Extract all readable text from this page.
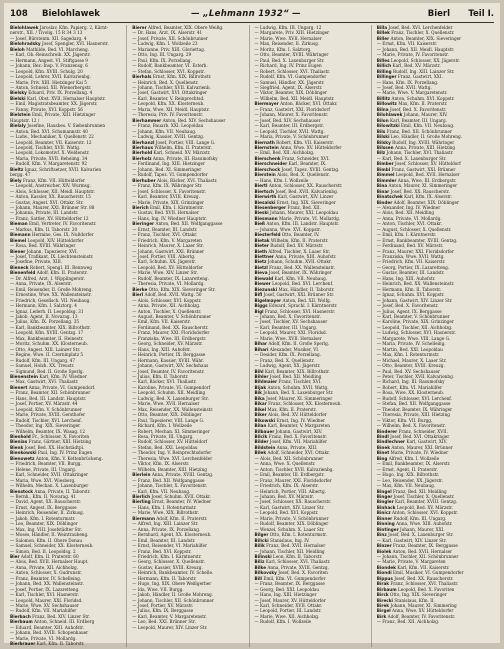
108	Bielohlawek	— „Lehmann 1932“ —	Bierl	Teil I.
Bielohlawek Jaroslav, Kfm. Papierg. 2, Kärnt-
nerstr., XII. / Tivolig. 15 R 34 3 13
— Josef, Bürstenm. XII. Sagedarg. 4
Bielohradsky Josef, Spengler, XVI. Hasnerstr.
Bieloh Mathilde, Bed. VI. Marcheng.
— Karl, Ob.-Reinschreib. XX. Jägerstr.
— Hermann, Angest. VI. Stiftgasse 9
— Johann, Bez.-Insp. V. Franzensg. 6
— Leopold, Kfm. XVIII. Schulg. 20
— Leopold, Lehrer, XVII. Kalvarienbg.
— Marie, Priv. XIII. Hietzinger Kai 5
— Anton, Schneid. XII. Wienerbergstr.
Bielsky Eduard, Priv. IX. Porzellang. 4
Bielski Karl, Obst. XVII. Hernalser Hauptstr.
— Emil, Magistratsbeamter, XX. Jägerstr.
— Fanny, Private, XVI. Koppstr. 56
Bielstein Emil, Private, XIII. Hietzinger
Hauptstr. 12 /
Bielaly Josefine, Hausbes. V. Siebenbrunnen
— Anton, Bed. XVI. Schumannstr. 40
— Ludw., Mechaniker, X. Quellenstr. 22
— Leopold, Beamter, VII. Kaiserstr. 12
— Leopold, Tischler, XVII. Wattg.
— Leopold, Lokomotivf. X. Weldenstr.
— Maria, Private, XVII. Beheimg. 34
— Rudolf, Kfm. V. Margaretenstr. 92
Bieltz Ignaz, Schriftsetzer, XVII. Kalvarien
bergg. 47
Biely Franz, Kfm. VII. Hütteldorfer
— Leopold, Anstreicher, XIV. Wurmsg.
— Alois, Schlosser, XII. Meidl. Hauptstr.
— Anton, Kassier, XX. Rauscherstr. 15
— Gustav, Angest. XVI. Ottakr. Str.
— Johann, Maurer, XXI. Brünner Str. 88
— Johanna, Private, III. Landstr.
— Franz, Sattler, XV. Hütteldorfer 12
Bieman Emil, Vertreter, IV. Favoritenstr.
— Markus, Kfm. II. Taborstr. 20
Biemann Hermine, Ges. IX. Nußdorfer
Biemel Leopold, XIV. Hütteldorfer
— Rosa, Bed. XVIII. Währinger
Biener Johann, Tapezierer, XVI.
— Josef, Trafikant, IX. Liechtensteinstr.
— Josefine, Private, XIII.
Bieneck Robert, Spengl. III. Rennweg
Bienenfeld Adolf, Kfm. II. Praterstr.
— Dr. Alfred, Arzt, I. Wipplingerstr.
— Anna, Private, IX. Alserstr.
— Emil, Reisender, II. Große Mohreng.
— Ernestine, Wwe. XX. Wallensteinstr.
— Friedrich, Gesellsch. VII. Neubaug.
— Hermann, Kfm. I. Salztorg. 4
— Ignaz, Lederh. II. Leopoldsg. 31
— Jakob, Agent, II. Novarag. 13
— Julius, Kfm. IX. Porzellang. 35
— Karl, Bankbeamter, XIX. Billrothstr.
— Leopold, Kfm. XVIII. Gentzg. 17
— Max, Bankbeamter, II. Heinestr.
— Moritz, Schuhm. XX. Klosterneub.
— Otto, Angest. XIII. Lainzer Str.
— Regine, Wwe. II. Czerninplatz 5
— Rudolf, Kfm. III. Ungarg. 47
— Samuel, Holzh. XX. Treustr.
— Sigmund, Bed. II. Große Sperlg.
Bienenstein Karl, Kfm. IV. Wiedner
— Max, Gastwirt, XVI. Thaliastr.
Bienert Anna, Private, VI. Gumpendorf.
— Franz, Beamter, XII. Schönbrunner
— Hans, Bed. III. Landstr. Hauptstr.
— Josef, Portier, XV. Märzstr. 44
— Leopold, Kfm. V. Schönbrunner
— Marie, Private, XVIII. Gersthofer
— Rudolf, Tischler, XVI. Lerchenf.
— Theodor, Ing. XIX. Sieveringer
— Wilhelm, Beamter, IX. Wasag. 12
Bienhold Fr., Schlosser, X. Favoriten
Bienias Franz, Gärtner, XIII. Hietzing
Bienk Josef, Bed. XX. Hochstädtpl.
Bienkowski Paul, Ing. IV. Prinz Eugen
Bienowetz Anton, Kfm. V. Kettenbrückeng.
— Friedrich, Beamter, VII. Burgg.
— Helene, Private, III. Ungarg.
— Karl, Schneider, XVII. Ottakringer
— Maria, Wwe. XVI. Wiesberg.
— Wilhelm, Mechan. X. Laxenburger
Bienstock Anna, Private, II. Taborstr.
— Bernh., Kfm. II. Novarag. 41
— David, Agent, XX. Rauscherstr.
— Ernst, Angest. IX. Berggasse
— Heinrich, Reisender, II. Zirkusg.
— Jakob, Kfm. I. Rotenturmstr.
— Leo, Beamter, XIX. Döblinger
— Max, Ing. VIII. Josefstädter Str.
— Moses, Händler, II. Weintraubeng.
— Salomon, Kfm. II. Obere Donau
— Samuel, Schneider, XX. Klosterneub.
— Simon, Bed. II. Leopoldsg. 2
Bier Adolf, Kfm. II. Praterstr. 60
— Alois, Bed. XVII. Hernalser Haupt.
— Anna, Private, XII. Aichholzg.
— Anton, Schlosser, X. Gudrunstr.
— Franz, Beamter, IV. Schelleing.
— Johann, Bed. XX. Wallensteinstr.
— Josef, Portier, IX. Lazaretteng.
— Karl, Tischler, XVI. Hasnerstr.
— Leopold, Maurer, XXI. Floridsd.
— Marie, Wwe. XV. Sechshauser
— Rudolf, Kfm. VII. Mariahilfer
Bierbach Franz, Bed. XIV. Linzer Str.
Bierbaum Anton, Schneid. III. Erdberg
— Eduard, Beamter, XIII. Auhofstr.
— Johann, Bed. XVIII. Schopenhauer
— Marie, Private, VI. Mollardg.
Bierbrauer Karl, Kfm. II. Taborstr.
Bierer Alfred, Beamter, XIX. Obere Weißg.
— Dr. Hans, Arzt, IX. Alserstr. 41
— Josef, Private, XII. Schönbrunner
— Ludwig, Kfm. I. Wollzeile 23
— Marianne, Priv. XIII. Gloriettag.
— Otto, Ing. III. Ungarg. 29
— Paul, Kfm. IX. Porzellang.
— Rudolf, Bankbeamter, VI. Esterh.
— Stefan, Schlosser, XVI. Koppstr.
Bierhals Ernst, Kfm. XIX. Billrothstr.
— Heinrich, Bed. X. Quellenstr.
— Johann, Tischler, XVII. Kalvarienb.
— Josef, Gastwirt, XVI. Ottakringer
— Karl, Beamter, V. Reinprechtsd.
— Leopold, Kfm. XX. Klosterneub.
— Maria, Wwe. XII. Meidl. Hauptstr.
— Theresia, Priv. IV. Favoritenstr.
Bierhammer Anton, Bed. XIV. Sechshauser
— Franz, Bauarb. XXI. Leopoldau
— Johann, Kfm. VII. Neubaug.
— Ludwig, Kassier, XVIII. Gentzg.
Bierhanzl Josef, Portier, VIII. Lange G.
Bierhaus Wilhelm, Kfm. II. Praterstr.
Bierhold Karl, Schneid. XV. Märzstr.
Bierholz Anna, Private, III. Rasumofsky
— Ferdinand, Ing. XIII. Hietzinger
— Johann, Bed. XI. Simmeringer
— Rudolf, Tapez. VI. Gumpendorfer
Bierhuber Alois, Bäcker, XVI. Thaliastr.
— Franz, Kfm. IX. Währinger Str.
— Josef, Schlosser, X. Favoritenstr.
— Karl, Beamter, XVIII. Kreuzg.
— Marie, Private, XIX. Grinzinger
Bierich Emil, Kfm. I. Kärntnerstr.
— Gustav, Bed. XVII. Hernalser
— Hans, Ing. IV. Wiedner Hauptstr.
Bieringer Anton, Bed. XII. Wolfganggasse
— Ernst, Beamter, III. Landstr.
— Franz, Tischler, XVI. Ottakr.
— Friedrich, Kfm. V. Margareten
— Heinrich, Maurer, X. Laaer Str.
— Johann, Gastwirt, XXI. Brünner
— Josef, Portier, VIII. Albertg.
— Karl, Schuhm. XX. Jägerstr.
— Leopold, Bed. XV. Hütteldorfer
— Marie, Wwe. XIV. Linzer Str.
— Rudolf, Beamter, IX. Lazaretteng.
— Theresia, Private, VI. Mollardg.
Bierke Otto, Kfm. XIX. Sieveringer Str.
Bierl Adolf, Bed. XVII. Wattg. 50
— Alois, Schlosser, XVI. Koppstr.
— Anna, Private, XII. Aichholzg.
— Anton, Tischler, X. Quellenstr.
— August, Beamter, V. Schönbrunner
— Emil, Kfm. VII. Kaiserstr.
— Ferdinand, Bed. XX. Rauscherstr.
— Franz, Maurer, XXI. Floridsdorfer
— Franziska, Wwe. III. Erdbergstr.
— Georg, Schneider, XV. Märzstr.
— Hans, Ing. XIII. Auhofstr.
— Heinrich, Portier, IX. Berggasse
— Hermann, Kassier, XVIII. Währ.
— Johann, Gastwirt, XIV. Sechshaus
— Josef, Beamter, IV. Favoritenstr.
— Julius, Kfm. II. Taborstr.
— Karl, Bäcker, XVI. Thaliastr.
— Karoline, Private, VI. Gumpendorf
— Leopold, Schuhm. XII. Meidling
— Ludwig, Bed. X. Laxenburger Str.
— Marie, Wwe. XVII. Hernalser
— Max, Reisender, XX. Wallensteinstr.
— Otto, Beamter, XIX. Döblinger
— Paul, Tapezierer, VIII. Lange G.
— Richard, Kfm. I. Wollzeile
— Robert, Mechan. XI. Simmeringer
— Rosa, Private, III. Ungarg.
— Rudolf, Schlosser, XV. Hütteldorf
— Stefan, Bed. XXI. Leopoldau
— Theodor, Ing. V. Reinprechtsdorfer
— Theresia, Wwe. XVI. Lerchenfelder
— Viktor, Kfm. IX. Alserstr.
— Wilhelm, Beamter, XIII. Hietzing
Bierlein Anna, Private, XVIII. Gentzg.
— Franz, Bed. XII. Wolfganggasse
— Johann, Tischler, X. Favoritenstr.
— Karl, Kfm. VII. Neubaug.
Bierlich Josef, Schuhm. XVII. Ottakr.
Bierling Ernst, Beamter, IV. Wiedner
— Hans, Kfm. I. Rotenturmstr.
— Marie, Wwe. XIX. Billrothstr.
Biermann Adolf, Kfm. II. Praterstr.
— Alfred, Ing. XIII. Lainzer Str.
— Anna, Private, IX. Porzellang.
— Bernhard, Agent, XX. Klosterneub.
— Emil, Beamter, III. Landstr.
— Ernst, Reisender, VI. Mariahilfer
— Franz, Bed. XVI. Koppstr.
— Friedrich, Kfm. I. Kärntnerstr.
— Georg, Schlosser, X. Quellenstr.
— Gustav, Kassier, XVIII. Kreuzg.
— Heinrich, Bankbeamter, IV. Schelle.
— Hermann, Kfm. II. Taborstr.
— Hugo, Ing. XIX. Obere Weißgerber
— Ida, Wwe. VII. Burgg.
— Jakob, Händler, II. Große Mohreng.
— Johann, Tischler, XII. Schönbrunner
— Josef, Portier, XV. Märzstr.
— Julius, Kfm. IX. Berggasse
— Karl, Beamter, V. Margaretenstr.
— Leo, Bed. XXI. Brünner Str.
— Leopold, Maurer, XIV. Linzer Str.
— Ludwig, Kfm. III. Ungarg. 12
— Margarete, Priv. XIII. Hietzinger
— Marie, Wwe. XVII. Hernalser
— Max, Reisender, II. Zirkusg.
— Moritz, Kfm. I. Salztorg.
— Otto, Beamter, XVIII. Währinger
— Paul, Bed. X. Laxenburger Str.
— Richard, Ing. IV. Prinz Eugen
— Robert, Schlosser, XVI. Thaliastr.
— Rudolf, Kfm. VI. Gumpendorfer
— Samuel, Händler, XX. Jägerstr.
— Siegfried, Agent, IX. Alserstr.
— Viktor, Beamter, XIX. Döblinger
— Wilhelm, Bed. XII. Meidl. Hauptstr.
Biermayer Anton, Bäcker, XVI. Ottakr.
— Franz, Gastwirt, XXI. Floridsdorf
— Johann, Maurer, X. Favoritenstr.
— Josef, Bed. XIV. Sechshauser
— Karl, Beamter, III. Erdbergstr.
— Leopold, Tischler, XVII. Wattg.
— Maria, Private, V. Schönbrunner
Biernath Robert, Kfm. VII. Kaiserstr.
Biernstein Anna, Wwe. XV. Hütteldorfer
— Emil, Bed. XII. Aichholzg.
Bierschenk Franz, Schneider, XVI.
Bierschneider Karl, Beamter, IX.
Bierschock Josef, Tapez. XVIII. Gentzg.
Bierstein Alois, Bed. X. Quellenstr.
— Hans, Kfm. I. Wollzeile
Biertl Anton, Schlosser, XX. Rauscherstr.
Biertsch Josef, Bed. XVII. Kalvarienbg.
Bierwirth Karl, Gastwirt, XIV. Linzer
Biesalski Ernst, Ing. XIX. Sieveringer
Biesenberger Franz, Bed. XII.
Bieski Johann, Maurer, XXI. Leopoldau
Biesmann Marie, Private, VI. Mollardg.
Bieß Anton, Kfm. III. Landstr. Hauptstr.
— Johanna, Wwe. XVI. Koppstr.
Biesterfeld Otto, Beamter, IV.
Bietak Wilhelm, Kfm. II. Praterstr.
Bieter Rudolf, Bed. XV. Märzstr.
Bieth Alfred, Tischler, X. Laaer Str.
Biettner Anna, Private, XIII. Auhofstr.
Bietz Johann, Schuhm. XVII. Ottakr.
Bietzl Franz, Bed. XX. Wallensteinstr.
Bieva Josef, Beamter, IX. Währinger
Biewald Karl, Kfm. VII. Neubaug.
Biewer Leopold, Bed. XVI. Lerchenf.
Biezunski Max, Händler, II. Taborstr.
Bifl Josef, Gastwirt, XXI. Brünner Str.
Bigelmayer Anton, Bed. XII. Wolfg.
Biggs Edward, Sprachl. I. Kärntnerstr.
Bigl Franz, Schlosser, XVI. Hasnerstr.
— Johann, Bed. X. Favoritenstr.
— Josef, Tischler, XV. Sechshauser
— Karl, Beamter, III. Ungarg.
— Leopold, Maurer, XXI. Floridsd.
— Marie, Wwe. XVII. Hernalser
Bihar Adolf, Kfm. II. Große Sperlg.
Bihari Alexander, Musiker, VI.
— Desider, Kfm. IX. Porzellang.
— Franz, Bed. X. Quellenstr.
— Ludwig, Agent, XX. Jägerstr.
Bihl Karl, Beamter, XIX. Billrothstr.
Bihler Josef, Bed. XII. Meidling
Bihlmaier Franz, Tischler, XVI.
Bijak Anton, Schuhm. XVII. Wattg.
Bik Johann, Bed. X. Laxenburger Str.
Bika Josef, Maurer, XI. Simmeringer
Bikar Franz, Schlosser, XX. Klosterneub.
Bikel Max, Kfm. II. Praterstr.
Biker Alois, Bed. XV. Hütteldorfer
Bikowski Ernst, Ing. IV. Wiedner
Bilan Karl, Beamter, V. Margareten
Bilbauer Johann, Gastwirt, XIV.
Bilcik Franz, Bed. X. Favoritenstr.
Bilder Josef, Kfm. VII. Mariahilfer
Bildstein Anna, Private, XIII.
Bilek Adolf, Schneider, XVI. Ottakr.
— Alois, Bed. XII. Schönbrunner
— Anna, Wwe. X. Quellenstr.
— Anton, Tischler, XVII. Kalvarienbg.
— Emil, Beamter, III. Erdbergstr.
— Franz, Maurer, XXI. Floridsdorfer
— Friedrich, Kfm. IX. Alserstr.
— Heinrich, Portier, VIII. Albertg.
— Johann, Bed. XV. Märzstr.
— Josef, Schlosser, XX. Rauscherstr.
— Karl, Gastwirt, XIV. Linzer Str.
— Leopold, Bed. XVI. Koppstr.
— Marie, Private, V. Schönbrunner
— Rudolf, Beamter, XIX. Döblinger
— Wenzel, Schuhm. X. Laaer Str.
Bilger Otto, Kfm. I. Rotenturmstr.
Bilicki Stanislaus, Ing. IV.
Bilik Franz, Bed. XVII. Hernalser
— Johann, Tischler, XII. Meidling
Bilinski Leon, Kfm. II. Taborstr.
Biliz Karl, Schlosser, XVI. Thaliastr.
Bilke Anna, Private, XVIII. Gentzg.
Bilkovsky Josef, Bed. X. Favoriten
Bill Emil, Kfm. VI. Gumpendorfer
— Franz, Beamter, IX. Berggasse
— Georg, Bed. XXI. Leopoldau
— Hans, Ing. XIII. Hietzinger
— Josef, Maurer, XV. Hütteldorfer
— Karl, Schneider, XVII. Ottakr.
— Leopold, Portier, III. Landstr.
— Marie, Wwe. XII. Aichholzg.
— Rudolf, Kfm. I. Wollzeile
Billa Josef, Bed. XVI. Lerchenfelder
Billek Franz, Tischler, X. Quellenstr.
Biller Anton, Beamter, XIX. Sieveringer
— Ernst, Kfm. VII. Kaiserstr.
— Johann, Bed. XII. Meidl. Hauptstr.
— Marie, Private, IV. Favoritenstr.
Billes Leopold, Schlosser, XX. Jägerstr.
Billich Karl, Bed. XV. Märzstr.
Billing Rudolf, Ing. XIII. Lainzer Str.
Billinger Franz, Gastwirt, XXI.
— Hans, Kfm. IX. Porzellang.
— Josef, Bed. XVII. Wattg.
— Marie, Wwe. V. Margaretenstr.
Billitz Anton, Schuhm. XVI. Koppstr.
Billowitz Max, Kfm. II. Praterstr.
Bilna Josef, Bed. X. Favoritenstr.
Bilohlawek Johann, Maurer, XIV.
Bilon Karl, Beamter, III. Ungarg.
Bilowitzki Emil, Kfm. VII. Neubaug.
Bils Franz, Bed. XII. Schönbrunner
Bilski Leo, Händler, II. Große Mohreng.
Bilsky Rudolf, Ing. XVIII. Währinger
Bilssen Anna, Private, XIII. Hietzing
Bilz Johann, Tischler, XVI. Thaliastr.
— Karl, Bed. X. Laxenburger Str.
Bimber Josef, Schlosser, XV. Hütteldorf
Bimbl Franz, Gastwirt, XXI. Brünner
Bimmel Leopold, Bed. XVII. Hernalser
Bimmler Anna, Wwe. III. Erdbergstr.
Bina Anton, Maurer, XI. Simmeringer
Binar Josef, Bed. XX. Rauscherstr.
Binatschek Karl, Kfm. IX. Alserstr.
Binder Adolf, Beamter, XIX. Döblinger
— Alexander, Ing. IV. Wiedner
— Alois, Bed. XII. Meidling
— Anna, Private, VI. Mollardg.
— Anton, Tischler, XVI. Ottakr.
— August, Schlosser, X. Quellenstr.
— Emil, Kfm. I. Kärntnerstr.
— Ernst, Bankbeamter, XVIII. Gentzg.
— Ferdinand, Bed. XV. Märzstr.
— Franz, Maurer, XXI. Floridsdorfer
— Franziska, Wwe. XVII. Wattg.
— Friedrich, Kfm. VII. Kaiserstr.
— Georg, Portier, IX. Lazaretteng.
— Gustav, Beamter, III. Landstr.
— Hans, Ing. XIII. Auhofstr.
— Heinrich, Bed. XX. Wallensteinstr.
— Hermann, Kfm. II. Taborstr.
— Ignaz, Schuhm. XVI. Koppstr.
— Johann, Gastwirt, XIV. Linzer Str.
— Josef, Bed. X. Favoritenstr.
— Julius, Agent, IX. Berggasse
— Karl, Beamter, V. Schönbrunner
— Karoline, Private, XIX. Grinzinger
— Leopold, Tischler, XII. Aichholzg.
— Ludwig, Schlosser, XVI. Hasnerstr.
— Margarete, Wwe. VIII. Lange G.
— Maria, Private, IV. Schelleing.
— Martin, Bed. XXI. Leopoldau
— Max, Kfm. I. Rotenturmstr.
— Michael, Maurer, X. Laaer Str.
— Otto, Beamter, XVIII. Kreuzg.
— Paul, Bed. XV. Sechshauser
— Peter, Tischler, XVII. Kalvarienbg.
— Richard, Ing. III. Rasumofsky
— Robert, Kfm. VI. Mariahilfer
— Rosa, Wwe. XX. Klosterneub.
— Rudolf, Schlosser, XVI. Lerchenf.
— Stefan, Bed. XII. Wolfganggasse
— Theodor, Beamter, IX. Währinger
— Theresia, Private, XIII. Hietzing
— Viktor, Kfm. VII. Burgg.
— Wilhelm, Bed. X. Favoritenstr.
Binderer Franz, Schneider, XVII.
Bindl Josef, Bed. XVI. Ottakringer
Bindlechner Karl, Gastwirt, XIV.
Binek Anton, Maurer, XXI. Brünner
Binet Marie, Private, IV. Wiedner
Bing Alfred, Kfm. I. Wollzeile
— Emil, Bankbeamter, IX. Alserstr.
— Ernst, Agent, II. Praterstr.
— Hugo, Ing. XIX. Billrothstr.
— Leo, Reisender, XX. Jägerstr.
— Max, Kfm. VII. Neubaug.
Bingel Franz, Bed. XII. Meidling
Binger Josef, Tischler, X. Quellenstr.
Bingler Karl, Beamter, XVIII. Gentzg.
Binhack Leopold, Bed. XV. Märzstr.
Binicz Anton, Schlosser, XVI. Koppstr.
Binner Rudolf, Kfm. III. Ungarg.
Binning Anna, Wwe. XIII. Auhofstr.
Bintinger Johann, Maurer, XXI.
Binz Josef, Bed. X. Laxenburger Str.
— Karl, Gastwirt, XIV. Linzer Str.
Binzer Franz, Beamter, IX. Berggasse
Biolek Anton, Bed. XVII. Hernalser
— Johann, Tischler, XII. Schönbrunner
— Marie, Private, V. Margareten
Biondek Karl, Kfm. VII. Kaiserstr.
Biondi Emil, Musiker, VI. Gumpendorfer
Bippus Josef, Bed. XX. Rauscherstr.
Birak Franz, Schlosser, XVI. Thaliastr.
Birbaum Leopold, Bed. X. Favoriten
Birck Otto, Ing. XIX. Sieveringer
Birecki Stanislaus, Kfm. II.
Birek Johann, Maurer, XI. Simmering
Birgel Anna, Wwe. XV. Hütteldorfer
Birk Adolf, Beamter, IV. Favoritenstr.
— Franz, Bed. XII. Aichholzg.
